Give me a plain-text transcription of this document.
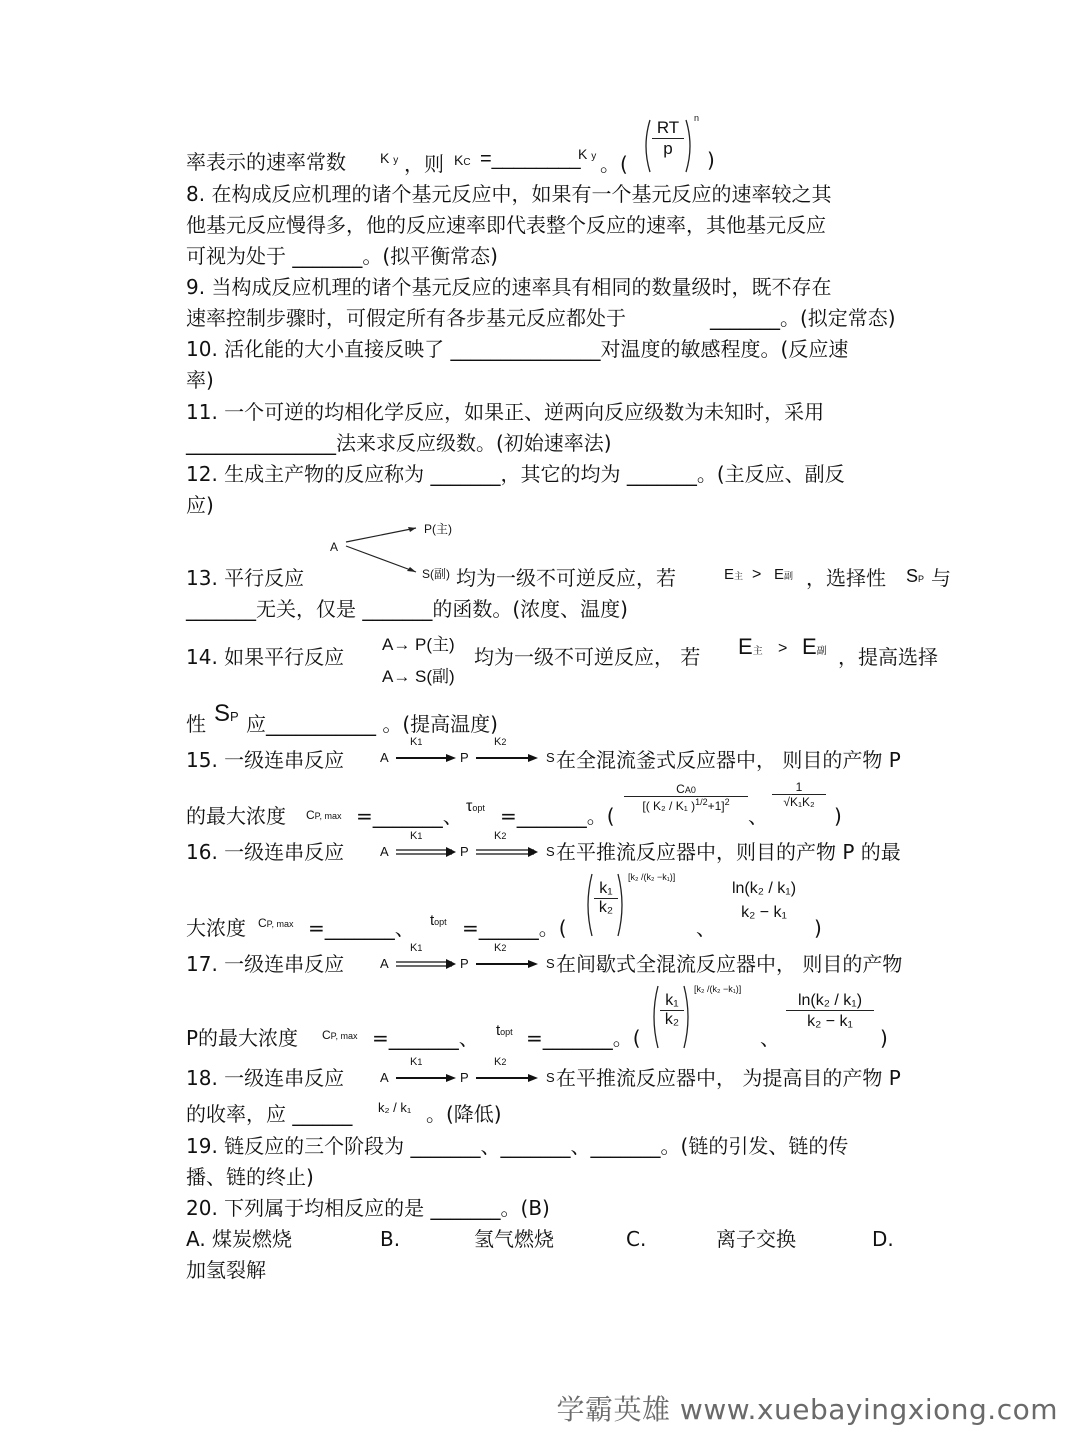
率表示的速率常数 K y ，则 KC =________
K y 。(
$\frac{RT}{p}$ n
)
8. 在构成反应机理的诸个基元反应中，如果有一个基元反应的速率较之其
他基元反应慢得多，他的反应速率即代表整个反应的速率，其他基元反应
可视为处于 _______。(拟平衡常态)
9. 当构成反应机理的诸个基元反应的速率具有相同的数量级时，既不存在
速率控制步骤时，可假定所有各步基元反应都处于	_______。(拟定常态)
10. 活化能的大小直接反映了 _______________对温度的敏感程度。(反应速
率)
11. 一个可逆的均相化学反应，如果正、逆两向反应级数为未知时，采用
_______________法来求反应级数。(初始速率法)
12. 生成主产物的反应称为 _______，其它的均为 _______。(主反应、副反
应)
A
P(主)
S(副)
13. 平行反应	均为一级不可逆反应，若	E主 > E副 ，选择性 SP 与
_______无关，仅是 _______的函数。(浓度、温度)
A→ P(主)
A→ S(副)
14. 如果平行反应	均为一级不可逆反应， 若 E主 > E副 ，提高选择
性 SP 应___________ 。(提高温度)
15. 一级连串反应	A
K1
P
K2
S 在全混流釜式反应器中， 则目的产物 P
的最大浓度 CP, max =_______、 τopt =_______。(
$\frac{CA0}{[( K_2 / K_1 )^{1/2}+1]^2}$
、
$\frac{1}{\text{√K₁K₂}}$
)
16. 一级连串反应	A
K1
P
K2
S 在平推流反应器中，则目的产物 P 的最
大浓度 CP, max =_______、 topt =______。(
$\frac{\text{k₁}}{\text{k₂}}$
[k₂ /(k₂ −k₁)]
、
ln(k₂ / k₁)
k₂ − k₁
)
17. 一级连串反应	A
K1
P
K2
S 在间歇式全混流反应器中， 则目的产物
P的最大浓度 CP, max =_______、 topt =_______。(
$\frac{\text{k₁}}{\text{k₂}}$
[k₂ /(k₂ −k₁)]
、
$\frac{\text{ln(k₂ / k₁)}}{\text{k₂ − k₁}}$
)
18. 一级连串反应	A
K1
P
K2
S 在平推流反应器中， 为提高目的产物 P
的收率，应 ______ k₂ / k₁ 。(降低)
19. 链反应的三个阶段为 _______、_______、_______。(链的引发、链的传
播、链的终止)
20. 下列属于均相反应的是 _______。(B)
A. 煤炭燃烧	B.	氢气燃烧	C.	离子交换	D.
加氢裂解
学霸英雄 www.xuebayingxiong.com
